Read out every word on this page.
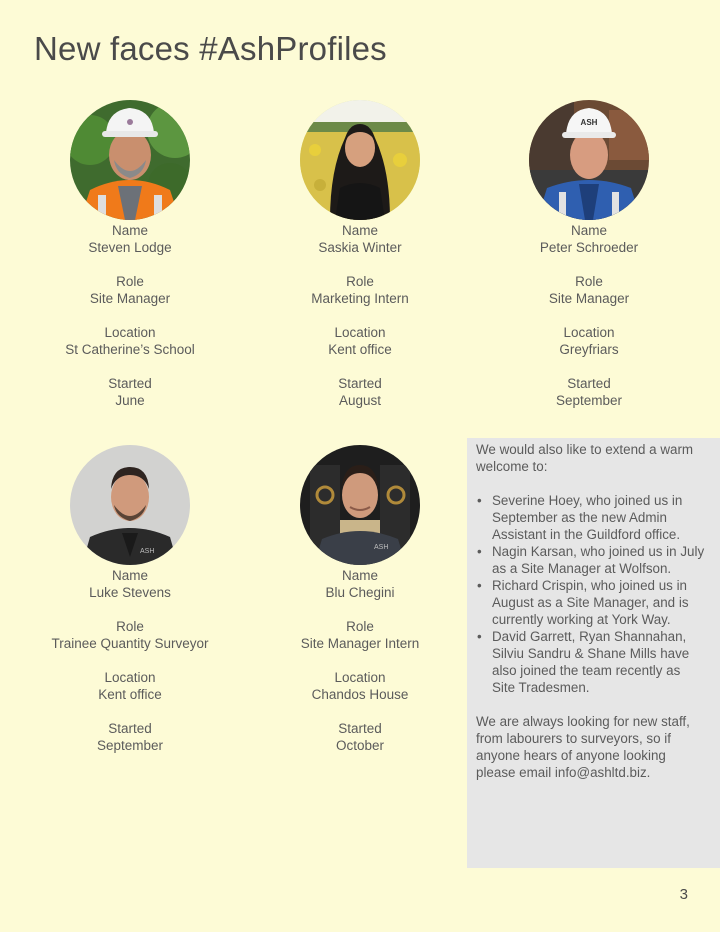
New faces #AshProfiles
Name
Steven Lodge
Role
Site Manager
Location
St Catherine’s School
Started
June
Name
Saskia Winter
Role
Marketing Intern
Location
Kent office
Started
August
ASH
Name
Peter Schroeder
Role
Site Manager
Location
Greyfriars
Started
September
ASH
Name
Luke Stevens
Role
Trainee Quantity Surveyor
Location
Kent office
Started
September
ASH
Name
Blu Chegini
Role
Site Manager Intern
Location
Chandos House
Started
October

We would also like to extend a warm welcome to:

• Severine Hoey, who joined us in September as the new Admin Assistant in the Guildford office.
• Nagin Karsan, who joined us in July as a Site Manager at Wolfson.
• Richard Crispin, who joined us in August as a Site Manager, and is currently working at York Way.
• David Garrett, Ryan Shannahan, Silviu Sandru & Shane Mills have also joined the team recently as Site Tradesmen.

We are always looking for new staff, from labourers to surveyors, so if anyone hears of anyone looking please email info@ashltd.biz.

3
